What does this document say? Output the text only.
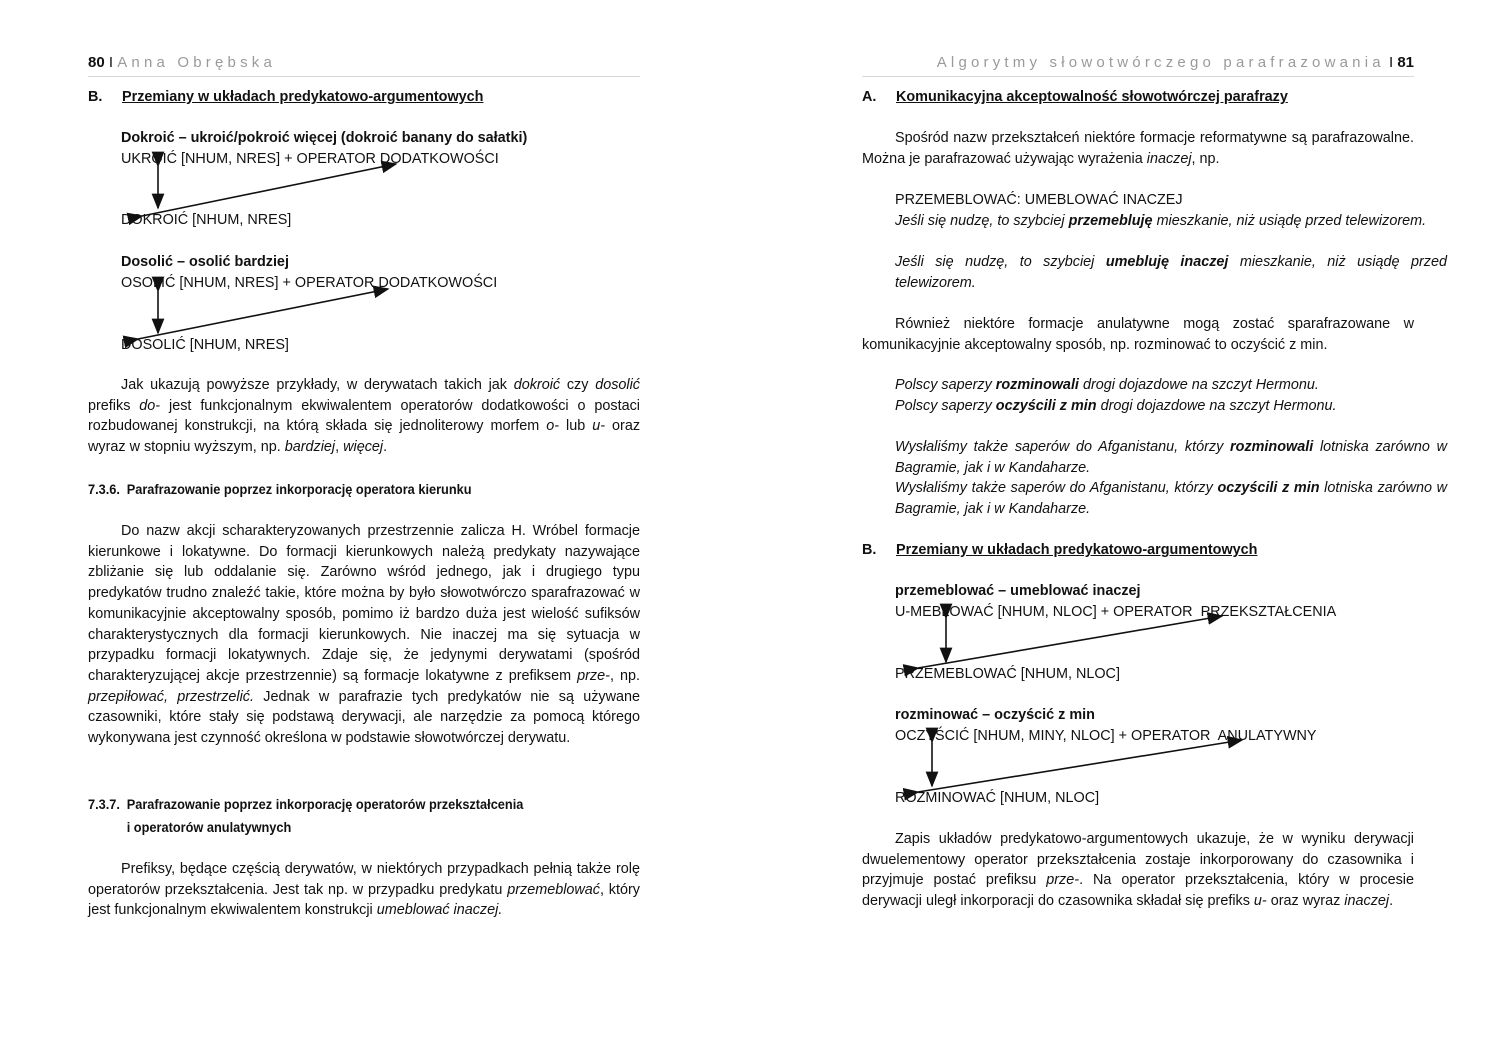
80 I Anna Obrębska
B. Przemiany w układach predykatowo-argumentowych
Dokroić – ukroić/pokroić więcej (dokroić banany do sałatki)
UKROIĆ [NHUM, NRES] + OPERATOR DODATKOWOŚCI
DOKROIĆ [NHUM, NRES]
Dosolić – osolić bardziej
OSOLIĆ [NHUM, NRES] + OPERATOR DODATKOWOŚCI
DOSOLIĆ [NHUM, NRES]
Jak ukazują powyższe przykłady, w derywatach takich jak dokroić czy dosolić prefiks do- jest funkcjonalnym ekwiwalentem operatorów dodatkowości o postaci rozbudowanej konstrukcji, na którą składa się jednoliterowy morfem o- lub u- oraz wyraz w stopniu wyższym, np. bardziej, więcej.
7.3.6. Parafrazowanie poprzez inkorporację operatora kierunku
Do nazw akcji scharakteryzowanych przestrzennie zalicza H. Wróbel formacje kierunkowe i lokatywne. Do formacji kierunkowych należą predykaty nazywające zbliżanie się lub oddalanie się. Zarówno wśród jednego, jak i drugiego typu predykatów trudno znaleźć takie, które można by było słowotwórczo sparafrazować w komunikacyjnie akceptowalny sposób, pomimo iż bardzo duża jest wielość sufiksów charakterystycznych dla formacji kierunkowych. Nie inaczej ma się sytuacja w przypadku formacji lokatywnych. Zdaje się, że jedynymi derywatami (spośród charakteryzującej akcje przestrzennie) są formacje lokatywne z prefiksem prze-, np. przepiłować, przestrzelić. Jednak w parafrazie tych predykatów nie są używane czasowniki, które stały się podstawą derywacji, ale narzędzie za pomocą którego wykonywana jest czynność określona w podstawie słowotwórczej derywatu.
7.3.7. Parafrazowanie poprzez inkorporację operatorów przekształcenia
i operatorów anulatywnych
Prefiksy, będące częścią derywatów, w niektórych przypadkach pełnią także rolę operatorów przekształcenia. Jest tak np. w przypadku predykatu przemeblować, który jest funkcjonalnym ekwiwalentem konstrukcji umeblować inaczej.
Algorytmy słowotwórczego parafrazowania I 81
A. Komunikacyjna akceptowalność słowotwórczej parafrazy
Spośród nazw przekształceń niektóre formacje reformatywne są parafrazowalne. Można je parafrazować używając wyrażenia inaczej, np.
PRZEMEBLOWAĆ: UMEBLOWAĆ INACZEJ
Jeśli się nudzę, to szybciej przemebluję mieszkanie, niż usiądę przed telewizorem.
Jeśli się nudzę, to szybciej umebluję inaczej mieszkanie, niż usiądę przed telewizorem.
Również niektóre formacje anulatywne mogą zostać sparafrazowane w komunikacyjnie akceptowalny sposób, np. rozminować to oczyścić z min.
Polscy saperzy rozminowali drogi dojazdowe na szczyt Hermonu.
Polscy saperzy oczyścili z min drogi dojazdowe na szczyt Hermonu.
Wysłaliśmy także saperów do Afganistanu, którzy rozminowali lotniska zarówno w Bagramie, jak i w Kandaharze.
Wysłaliśmy także saperów do Afganistanu, którzy oczyścili z min lotniska zarówno w Bagramie, jak i w Kandaharze.
B. Przemiany w układach predykatowo-argumentowych
przemeblować – umeblować inaczej
U-MEBLOWAĆ [NHUM, NLOC] + OPERATOR  PRZEKSZTAŁCENIA
PRZEMEBLOWAĆ [NHUM, NLOC]
rozminować – oczyścić z min
OCZYŚCIĆ [NHUM, MINY, NLOC] + OPERATOR  ANULATYWNY
ROZMINOWAĆ [NHUM, NLOC]
Zapis układów predykatowo-argumentowych ukazuje, że w wyniku derywacji dwuelementowy operator przekształcenia zostaje inkorporowany do czasownika i przyjmuje postać prefiksu prze-. Na operator przekształcenia, który w procesie derywacji uległ inkorporacji do czasownika składał się prefiks u- oraz wyraz inaczej.
